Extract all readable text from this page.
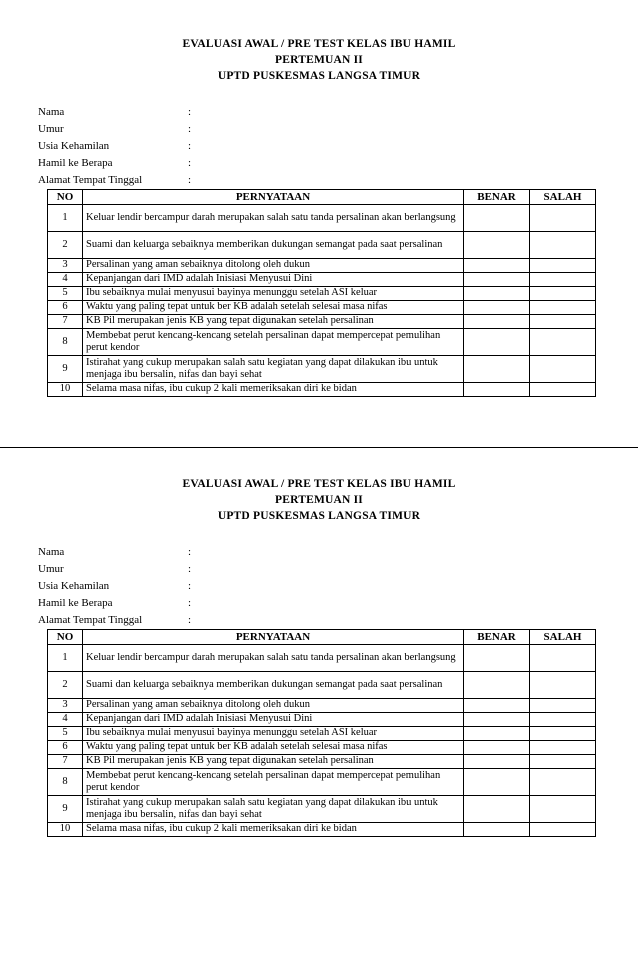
EVALUASI AWAL / PRE TEST KELAS IBU HAMIL
PERTEMUAN II
UPTD PUSKESMAS LANGSA TIMUR
Nama	:
Umur	:
Usia Kehamilan	:
Hamil ke Berapa	:
Alamat Tempat Tinggal	:
NO	PERNYATAAN	BENAR	SALAH
1	Keluar lendir bercampur darah merupakan salah satu tanda persalinan akan berlangsung		
2	Suami dan keluarga sebaiknya memberikan dukungan semangat pada saat persalinan		
3	Persalinan yang aman sebaiknya ditolong oleh dukun		
4	Kepanjangan dari IMD adalah Inisiasi Menyusui Dini		
5	Ibu sebaiknya mulai menyusui bayinya menunggu setelah ASI keluar		
6	Waktu yang paling tepat untuk ber KB adalah setelah selesai masa nifas		
7	KB Pil merupakan jenis KB yang tepat digunakan setelah persalinan		
8	Membebat perut kencang-kencang setelah persalinan dapat mempercepat pemulihan perut kendor		
9	Istirahat yang cukup merupakan salah satu kegiatan yang dapat dilakukan ibu untuk menjaga ibu bersalin, nifas dan bayi sehat		
10	Selama masa nifas, ibu cukup 2 kali memeriksakan diri ke bidan		
EVALUASI AWAL / PRE TEST KELAS IBU HAMIL
PERTEMUAN II
UPTD PUSKESMAS LANGSA TIMUR
Nama	:
Umur	:
Usia Kehamilan	:
Hamil ke Berapa	:
Alamat Tempat Tinggal	:
NO	PERNYATAAN	BENAR	SALAH
1	Keluar lendir bercampur darah merupakan salah satu tanda persalinan akan berlangsung		
2	Suami dan keluarga sebaiknya memberikan dukungan semangat pada saat persalinan		
3	Persalinan yang aman sebaiknya ditolong oleh dukun		
4	Kepanjangan dari IMD adalah Inisiasi Menyusui Dini		
5	Ibu sebaiknya mulai menyusui bayinya menunggu setelah ASI keluar		
6	Waktu yang paling tepat untuk ber KB adalah setelah selesai masa nifas		
7	KB Pil merupakan jenis KB yang tepat digunakan setelah persalinan		
8	Membebat perut kencang-kencang setelah persalinan dapat mempercepat pemulihan perut kendor		
9	Istirahat yang cukup merupakan salah satu kegiatan yang dapat dilakukan ibu untuk menjaga ibu bersalin, nifas dan bayi sehat		
10	Selama masa nifas, ibu cukup 2 kali memeriksakan diri ke bidan		
